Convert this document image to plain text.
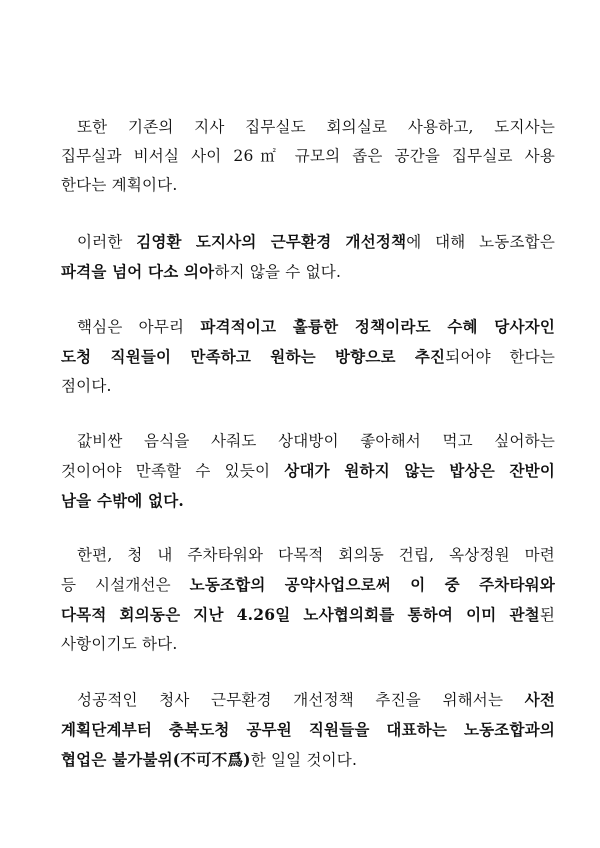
또한 기존의 지사 집무실도 회의실로 사용하고, 도지사는
집무실과 비서실 사이 26㎡ 규모의 좁은 공간을 집무실로 사용
한다는 계획이다.
이러한 김영환 도지사의 근무환경 개선정책에 대해 노동조합은
파격을 넘어 다소 의아하지 않을 수 없다.
핵심은 아무리 파격적이고 훌륭한 정책이라도 수혜 당사자인
도청 직원들이 만족하고 원하는 방향으로 추진되어야 한다는
점이다.
값비싼 음식을 사줘도 상대방이 좋아해서 먹고 싶어하는
것이어야 만족할 수 있듯이 상대가 원하지 않는 밥상은 잔반이
남을 수밖에 없다.
한편, 청 내 주차타워와 다목적 회의동 건립, 옥상정원 마련
등 시설개선은 노동조합의 공약사업으로써 이 중 주차타워와
다목적 회의동은 지난 4.26일 노사협의회를 통하여 이미 관철된
사항이기도 하다.
성공적인 청사 근무환경 개선정책 추진을 위해서는 사전
계획단계부터 충북도청 공무원 직원들을 대표하는 노동조합과의
협업은 불가불위(不可不爲)한 일일 것이다.
